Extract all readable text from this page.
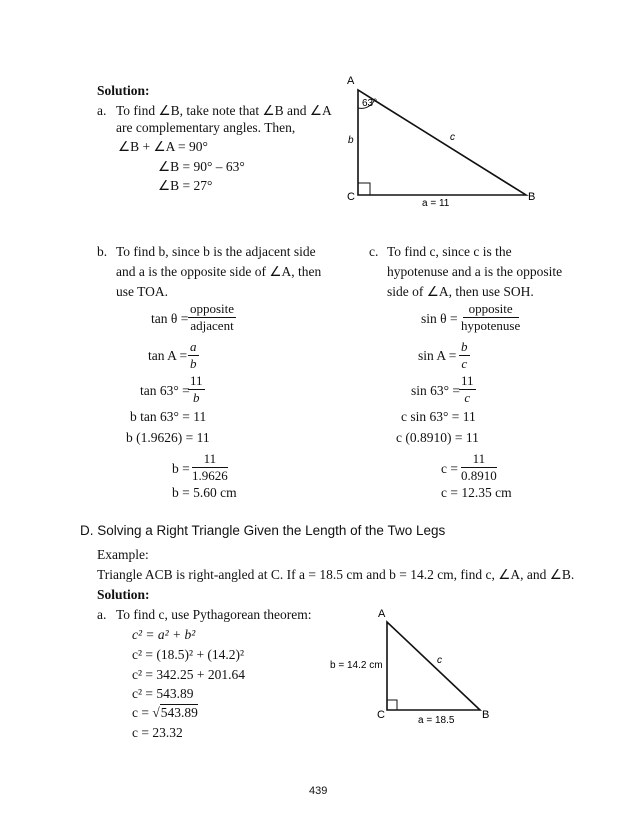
Solution:
a. To find ∠B, take note that ∠B and ∠A
are complementary angles. Then,
∠B + ∠A = 90°
∠B = 90° – 63°
∠B = 27°
A
C	B
63°
b	c
a = 11
b. To find b, since b is the adjacent side
and a is the opposite side of ∠A, then
use TOA.
tan θ =
opposite
adjacent
$\tan A = \frac{a}{b}$
tan 63° =
$\frac{11}{b}$
b tan 63° = 11
b (1.9626) = 11
$b = \frac{11}{1.9626}$
b = 5.60 cm
c. To find c, since c is the
hypotenuse and a is the opposite
side of ∠A, then use SOH.
sin θ =
opposite
hypotenuse
$\sin A = \frac{b}{c}$
sin 63° =
$\frac{11}{c}$
c sin 63° = 11
c (0.8910) = 11
$c = \frac{11}{0.8910}$
c = 12.35 cm
D. Solving a Right Triangle Given the Length of the Two Legs
Example:
Triangle ACB is right-angled at C. If a = 18.5 cm and b = 14.2 cm, find c, ∠A, and ∠B.
Solution:
a. To find c, use Pythagorean theorem:
c² = a² + b²
c² = (18.5)² + (14.2)²
c² = 342.25 + 201.64
c² = 543.89
c = √543.89
c = 23.32
A
C	B
b = 14.2 cm	c
a = 18.5
439
